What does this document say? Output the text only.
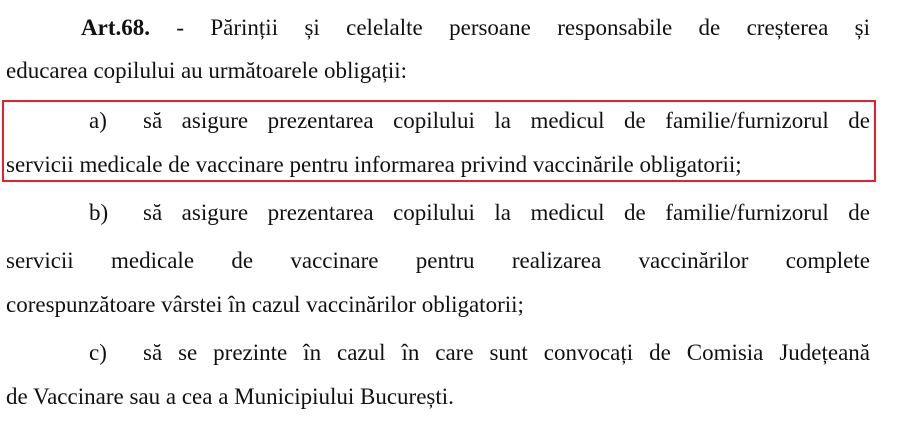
Art.68. - Părinții și celelalte persoane responsabile de creșterea și
educarea copilului au următoarele obligații:
a) să asigure prezentarea copilului la medicul de familie/furnizorul de
servicii medicale de vaccinare pentru informarea privind vaccinările obligatorii;
b) să asigure prezentarea copilului la medicul de familie/furnizorul de
servicii medicale de vaccinare pentru realizarea vaccinărilor complete
corespunzătoare vârstei în cazul vaccinărilor obligatorii;
c) să se prezinte în cazul în care sunt convocați de Comisia Județeană
de Vaccinare sau a cea a Municipiului București.
